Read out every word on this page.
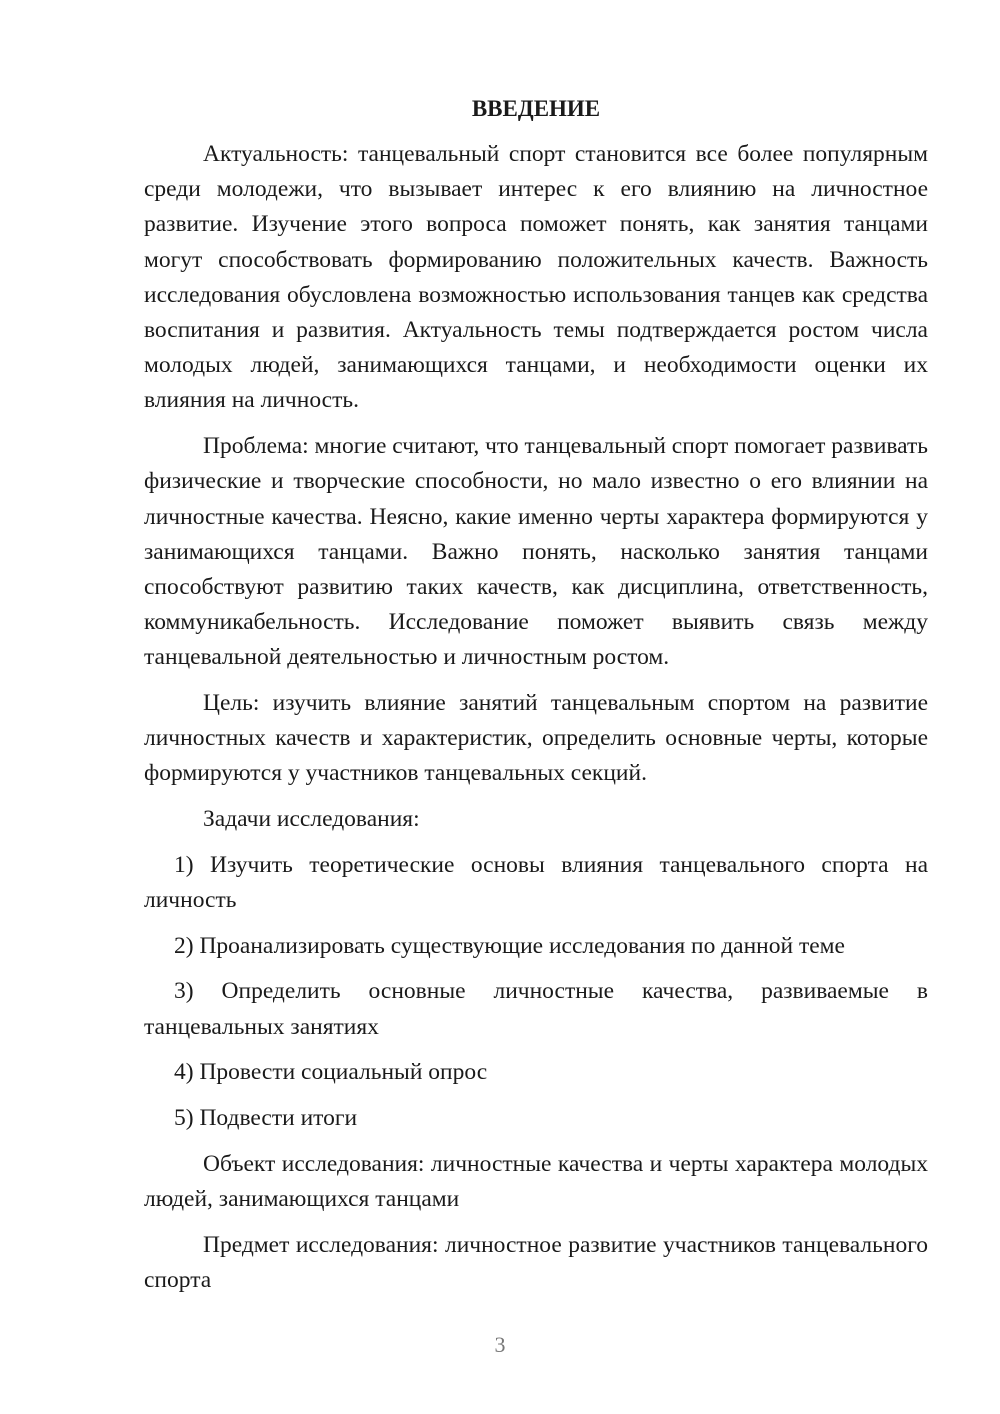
ВВЕДЕНИЕ

Актуальность: танцевальный спорт становится все более популярным среди молодежи, что вызывает интерес к его влиянию на личностное развитие. Изучение этого вопроса поможет понять, как занятия танцами могут способствовать формированию положительных качеств. Важность исследования обусловлена возможностью использования танцев как средства воспитания и развития. Актуальность темы подтверждается ростом числа молодых людей, занимающихся танцами, и необходимости оценки их влияния на личность.

Проблема: многие считают, что танцевальный спорт помогает развивать физические и творческие способности, но мало известно о его влиянии на личностные качества. Неясно, какие именно черты характера формируются у занимающихся танцами. Важно понять, насколько занятия танцами способствуют развитию таких качеств, как дисциплина, ответственность, коммуникабельность. Исследование поможет выявить связь между танцевальной деятельностью и личностным ростом.

Цель: изучить влияние занятий танцевальным спортом на развитие личностных качеств и характеристик, определить основные черты, которые формируются у участников танцевальных секций.

Задачи исследования:

1) Изучить теоретические основы влияния танцевального спорта на личность

2) Проанализировать существующие исследования по данной теме

3) Определить основные личностные качества, развиваемые в танцевальных занятиях

4) Провести социальный опрос

5) Подвести итоги

Объект исследования: личностные качества и черты характера молодых людей, занимающихся танцами

Предмет исследования: личностное развитие участников танцевального спорта

3
